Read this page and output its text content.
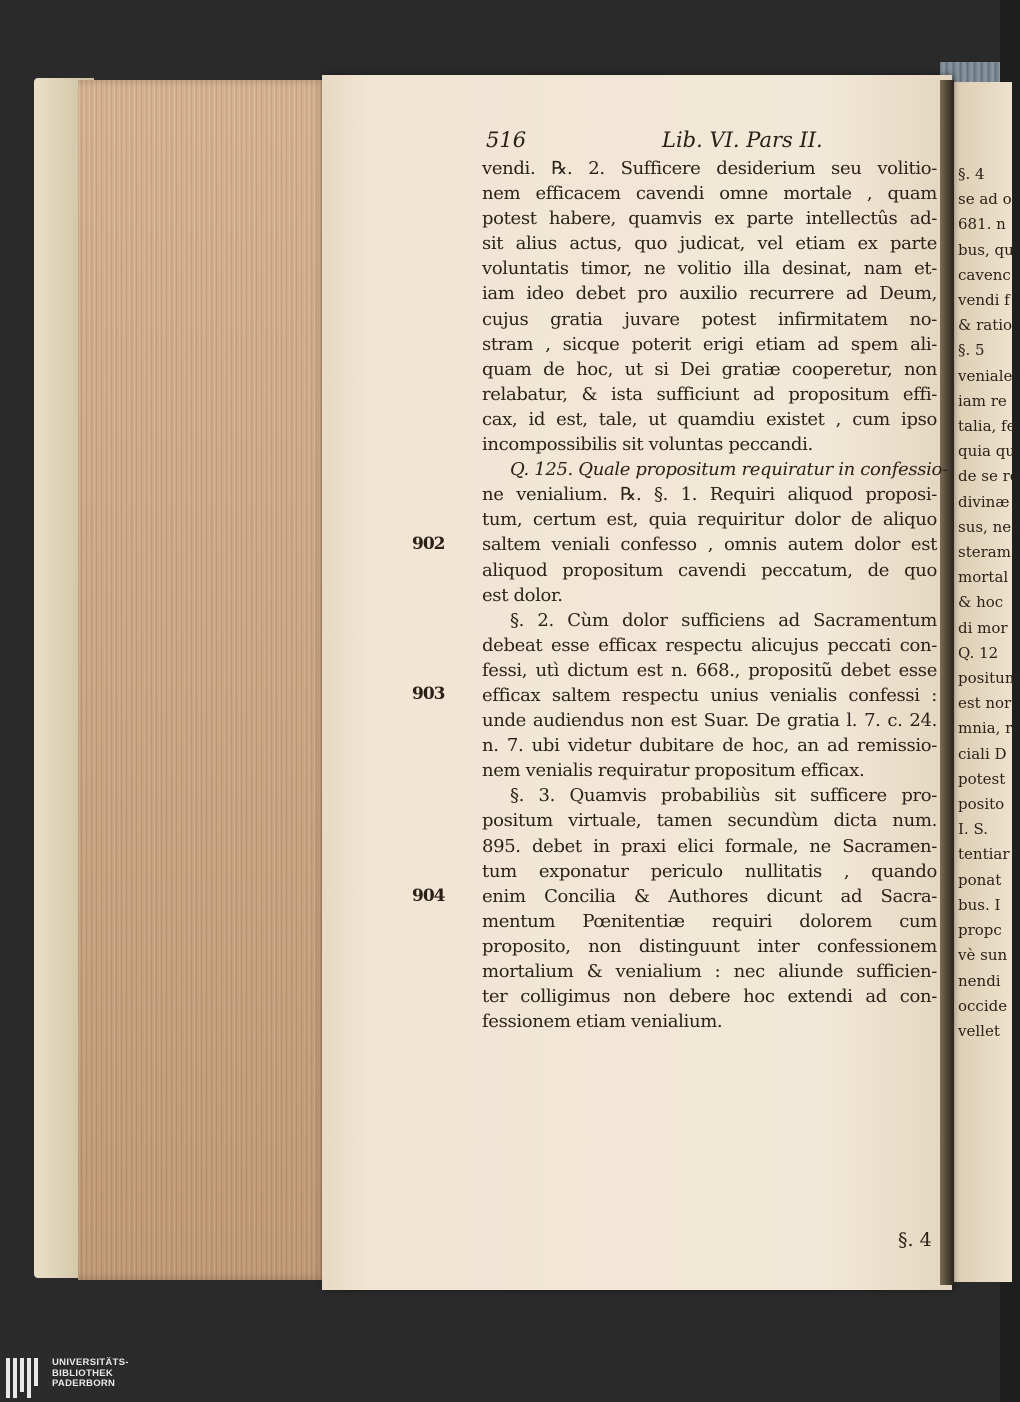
§. 4
se ad o
681. n
bus, qu
cavenc
vendi f
& ratio
§. 5
veniale
iam re
talia, fe
quia qu
de se re
divinæ
sus, nec
steram
mortal
& hoc
di mor
Q. 12
positum
est nor
mnia, r
ciali D
potest
posito
I. S.
tentiar
ponat
bus. I
propc
vè sun
nendi
occide
vellet
516	Lib. VI. Pars II.
902
903
904
vendi. ℞. 2. Sufficere desiderium seu volitio-
nem efficacem cavendi omne mortale , quam
potest habere, quamvis ex parte intellectûs ad-
sit alius actus, quo judicat, vel etiam ex parte
voluntatis timor, ne volitio illa desinat, nam et-
iam ideo debet pro auxilio recurrere ad Deum,
cujus gratia juvare potest infirmitatem no-
stram , sicque poterit erigi etiam ad spem ali-
quam de hoc, ut si Dei gratiæ cooperetur, non
relabatur, & ista sufficiunt ad propositum effi-
cax, id est, tale, ut quamdiu existet , cum ipso
incompossibilis sit voluntas peccandi.
Q. 125. Quale propositum requiratur in confessio-
ne venialium. ℞. §. 1. Requiri aliquod proposi-
tum, certum est, quia requiritur dolor de aliquo
saltem veniali confesso , omnis autem dolor est
aliquod propositum cavendi peccatum, de quo
est dolor.
§. 2. Cùm dolor sufficiens ad Sacramentum
debeat esse efficax respectu alicujus peccati con-
fessi, utì dictum est n. 668., propositũ debet esse
efficax saltem respectu unius venialis confessi :
unde audiendus non est Suar. De gratia l. 7. c. 24.
n. 7. ubi videtur dubitare de hoc, an ad remissio-
nem venialis requiratur propositum efficax.
§. 3. Quamvis probabiliùs sit sufficere pro-
positum virtuale, tamen secundùm dicta num.
895. debet in praxi elici formale, ne Sacramen-
tum exponatur periculo nullitatis , quando
enim Concilia & Authores dicunt ad Sacra-
mentum Pœnitentiæ requiri dolorem cum
proposito, non distinguunt inter confessionem
mortalium & venialium : nec aliunde sufficien-
ter colligimus non debere hoc extendi ad con-
fessionem etiam venialium.
§. 4
UNIVERSITÄTS-
BIBLIOTHEK
PADERBORN
